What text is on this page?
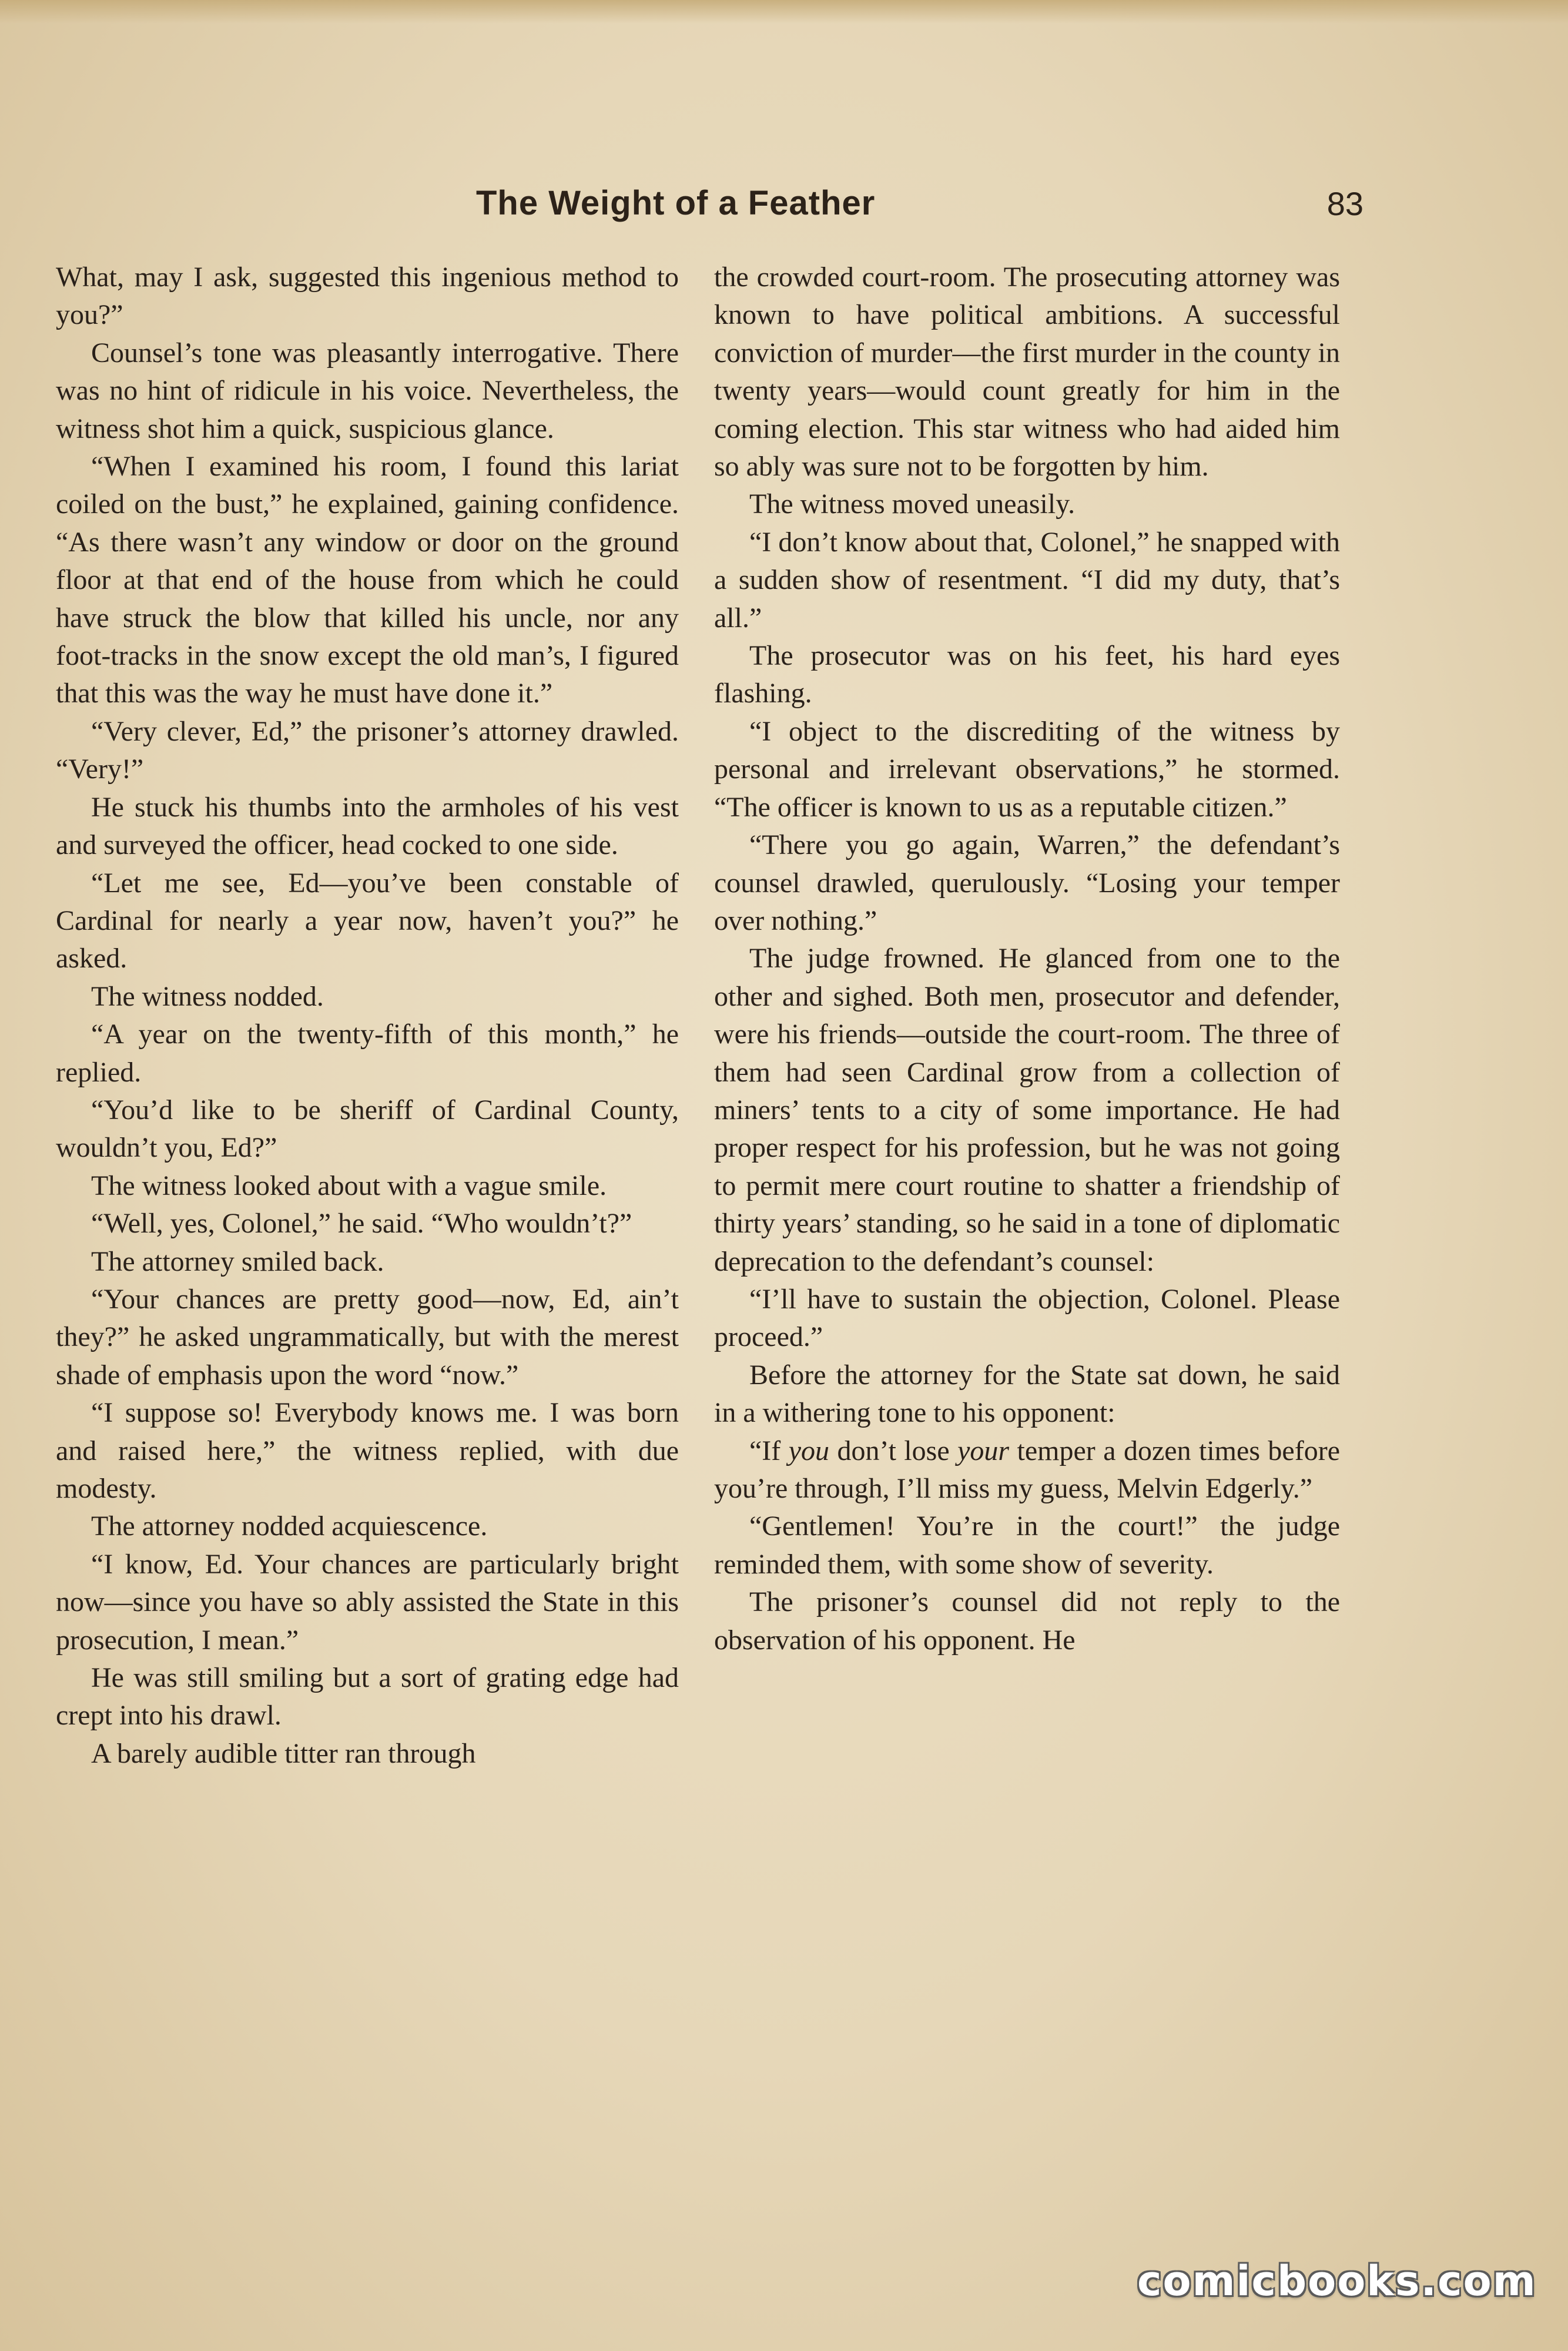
The Weight of a Feather	83

What, may I ask, suggested this ingenious method to you?”

Counsel’s tone was pleasantly interrogative. There was no hint of ridicule in his voice. Nevertheless, the witness shot him a quick, suspicious glance.

“When I examined his room, I found this lariat coiled on the bust,” he explained, gaining confidence. “As there wasn’t any window or door on the ground floor at that end of the house from which he could have struck the blow that killed his uncle, nor any foot-tracks in the snow except the old man’s, I figured that this was the way he must have done it.”

“Very clever, Ed,” the prisoner’s attorney drawled. “Very!”

He stuck his thumbs into the armholes of his vest and surveyed the officer, head cocked to one side.

“Let me see, Ed—you’ve been constable of Cardinal for nearly a year now, haven’t you?” he asked.

The witness nodded.

“A year on the twenty-fifth of this month,” he replied.

“You’d like to be sheriff of Cardinal County, wouldn’t you, Ed?”

The witness looked about with a vague smile.

“Well, yes, Colonel,” he said. “Who wouldn’t?”

The attorney smiled back.

“Your chances are pretty good—now, Ed, ain’t they?” he asked ungrammatically, but with the merest shade of emphasis upon the word “now.”

“I suppose so! Everybody knows me. I was born and raised here,” the witness replied, with due modesty.

The attorney nodded acquiescence.

“I know, Ed. Your chances are particularly bright now—since you have so ably assisted the State in this prosecution, I mean.”

He was still smiling but a sort of grating edge had crept into his drawl.

A barely audible titter ran through

the crowded court-room. The prosecuting attorney was known to have political ambitions. A successful conviction of murder—the first murder in the county in twenty years—would count greatly for him in the coming election. This star witness who had aided him so ably was sure not to be forgotten by him.

The witness moved uneasily.

“I don’t know about that, Colonel,” he snapped with a sudden show of resentment. “I did my duty, that’s all.”

The prosecutor was on his feet, his hard eyes flashing.

“I object to the discrediting of the witness by personal and irrelevant observations,” he stormed. “The officer is known to us as a reputable citizen.”

“There you go again, Warren,” the defendant’s counsel drawled, querulously. “Losing your temper over nothing.”

The judge frowned. He glanced from one to the other and sighed. Both men, prosecutor and defender, were his friends—outside the court-room. The three of them had seen Cardinal grow from a collection of miners’ tents to a city of some importance. He had proper respect for his profession, but he was not going to permit mere court routine to shatter a friendship of thirty years’ standing, so he said in a tone of diplomatic deprecation to the defendant’s counsel:

“I’ll have to sustain the objection, Colonel. Please proceed.”

Before the attorney for the State sat down, he said in a withering tone to his opponent:

“If you don’t lose your temper a dozen times before you’re through, I’ll miss my guess, Melvin Edgerly.”

“Gentlemen! You’re in the court!” the judge reminded them, with some show of severity.

The prisoner’s counsel did not reply to the observation of his opponent. He

comicbooks.com
